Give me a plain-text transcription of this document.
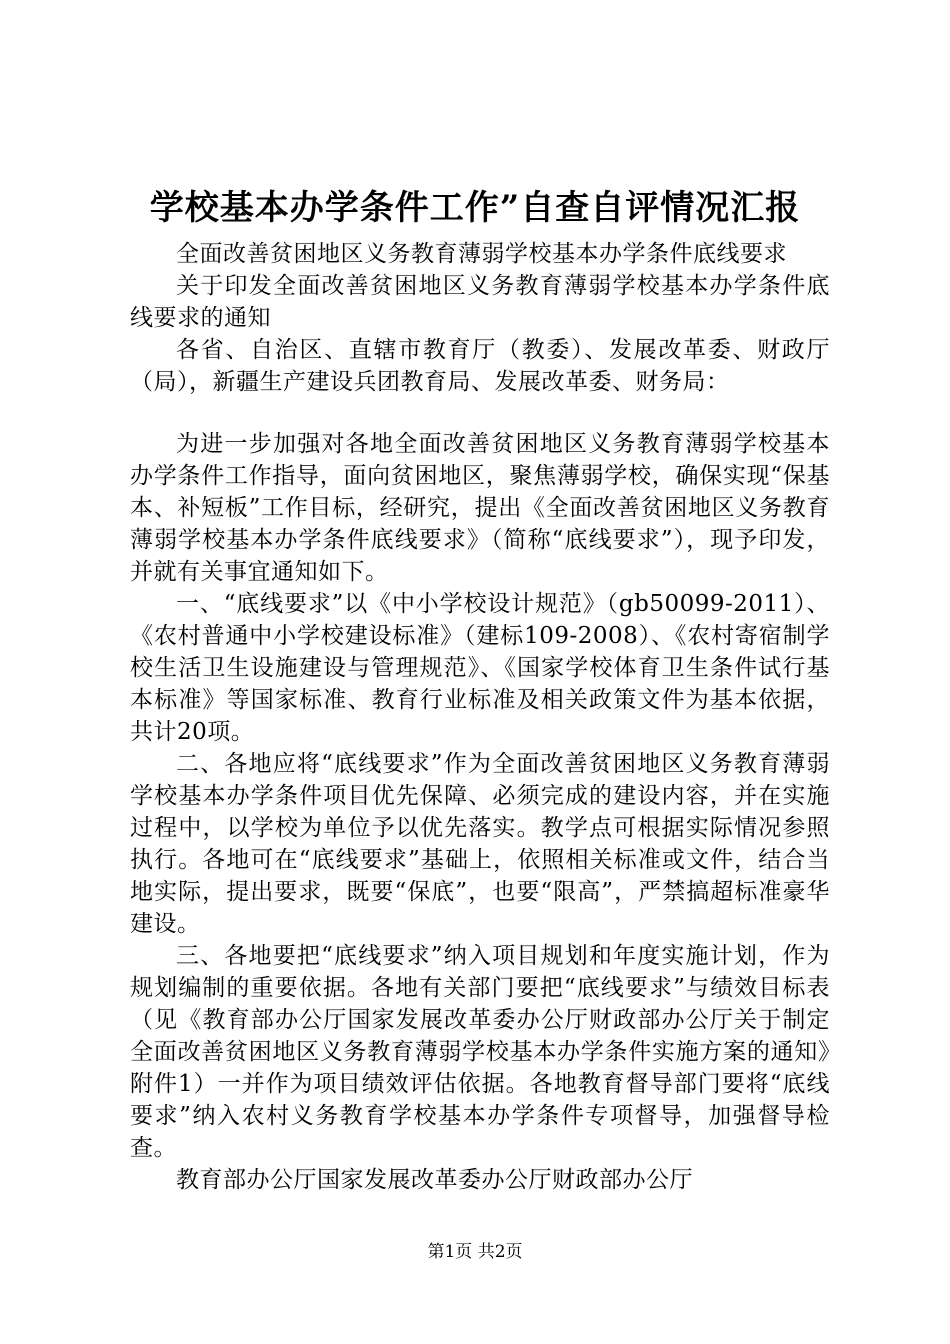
学校基本办学条件工作”自查自评情况汇报

全面改善贫困地区义务教育薄弱学校基本办学条件底线要求

关于印发全面改善贫困地区义务教育薄弱学校基本办学条件底线要求的通知

各省、自治区、直辖市教育厅（教委）、发展改革委、财政厅（局），新疆生产建设兵团教育局、发展改革委、财务局：

为进一步加强对各地全面改善贫困地区义务教育薄弱学校基本办学条件工作指导，面向贫困地区，聚焦薄弱学校，确保实现“保基本、补短板”工作目标，经研究，提出《全面改善贫困地区义务教育薄弱学校基本办学条件底线要求》（简称“底线要求”），现予印发，并就有关事宜通知如下。

一、“底线要求”以《中小学校设计规范》（gb50099-2011）、《农村普通中小学校建设标准》（建标109-2008）、《农村寄宿制学校生活卫生设施建设与管理规范》、《国家学校体育卫生条件试行基本标准》等国家标准、教育行业标准及相关政策文件为基本依据，共计20项。

二、各地应将“底线要求”作为全面改善贫困地区义务教育薄弱学校基本办学条件项目优先保障、必须完成的建设内容，并在实施过程中，以学校为单位予以优先落实。教学点可根据实际情况参照执行。各地可在“底线要求”基础上，依照相关标准或文件，结合当地实际，提出要求，既要“保底”，也要“限高”，严禁搞超标准豪华建设。

三、各地要把“底线要求”纳入项目规划和年度实施计划，作为规划编制的重要依据。各地有关部门要把“底线要求”与绩效目标表（见《教育部办公厅国家发展改革委办公厅财政部办公厅关于制定全面改善贫困地区义务教育薄弱学校基本办学条件实施方案的通知》附件1）一并作为项目绩效评估依据。各地教育督导部门要将“底线要求”纳入农村义务教育学校基本办学条件专项督导，加强督导检查。

教育部办公厅国家发展改革委办公厅财政部办公厅

第1页 共2页
